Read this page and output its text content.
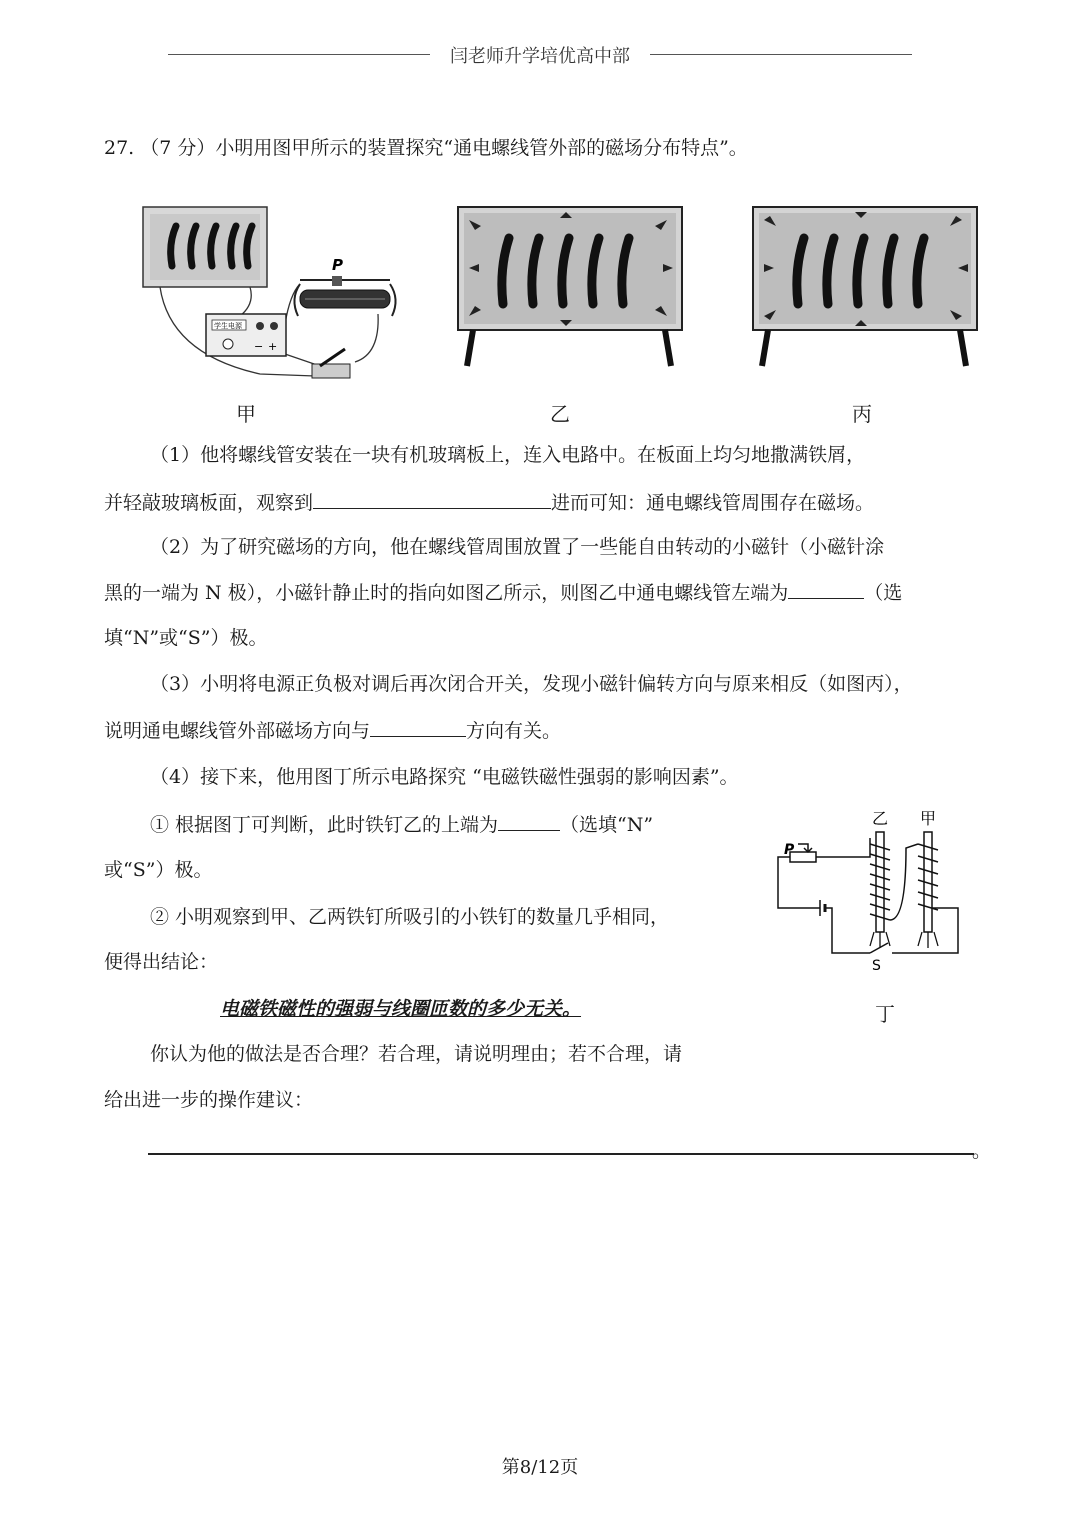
闫老师升学培优高中部
27. （7 分）小明用图甲所示的装置探究“通电螺线管外部的磁场分布特点”。
学生电源
− +
P
甲	乙	丙
（1）他将螺线管安装在一块有机玻璃板上，连入电路中。在板面上均匀地撒满铁屑，
并轻敲玻璃板面，观察到	进而可知：通电螺线管周围存在磁场。
（2）为了研究磁场的方向，他在螺线管周围放置了一些能自由转动的小磁针（小磁针涂
黑的一端为 N 极），小磁针静止时的指向如图乙所示，则图乙中通电螺线管左端为	（选
填“N”或“S”）极。
（3）小明将电源正负极对调后再次闭合开关，发现小磁针偏转方向与原来相反（如图丙），
说明通电螺线管外部磁场方向与	方向有关。
（4）接下来，他用图丁所示电路探究 “电磁铁磁性强弱的影响因素”。
① 根据图丁可判断，此时铁钉乙的上端为	（选填“N”
或“S”）极。
② 小明观察到甲、乙两铁钉所吸引的小铁钉的数量几乎相同，
便得出结论：
电磁铁磁性的强弱与线圈匝数的多少无关。
你认为他的做法是否合理？若合理，请说明理由；若不合理，请
给出进一步的操作建议：
。
乙 甲
P
S
丁
第8/12页
